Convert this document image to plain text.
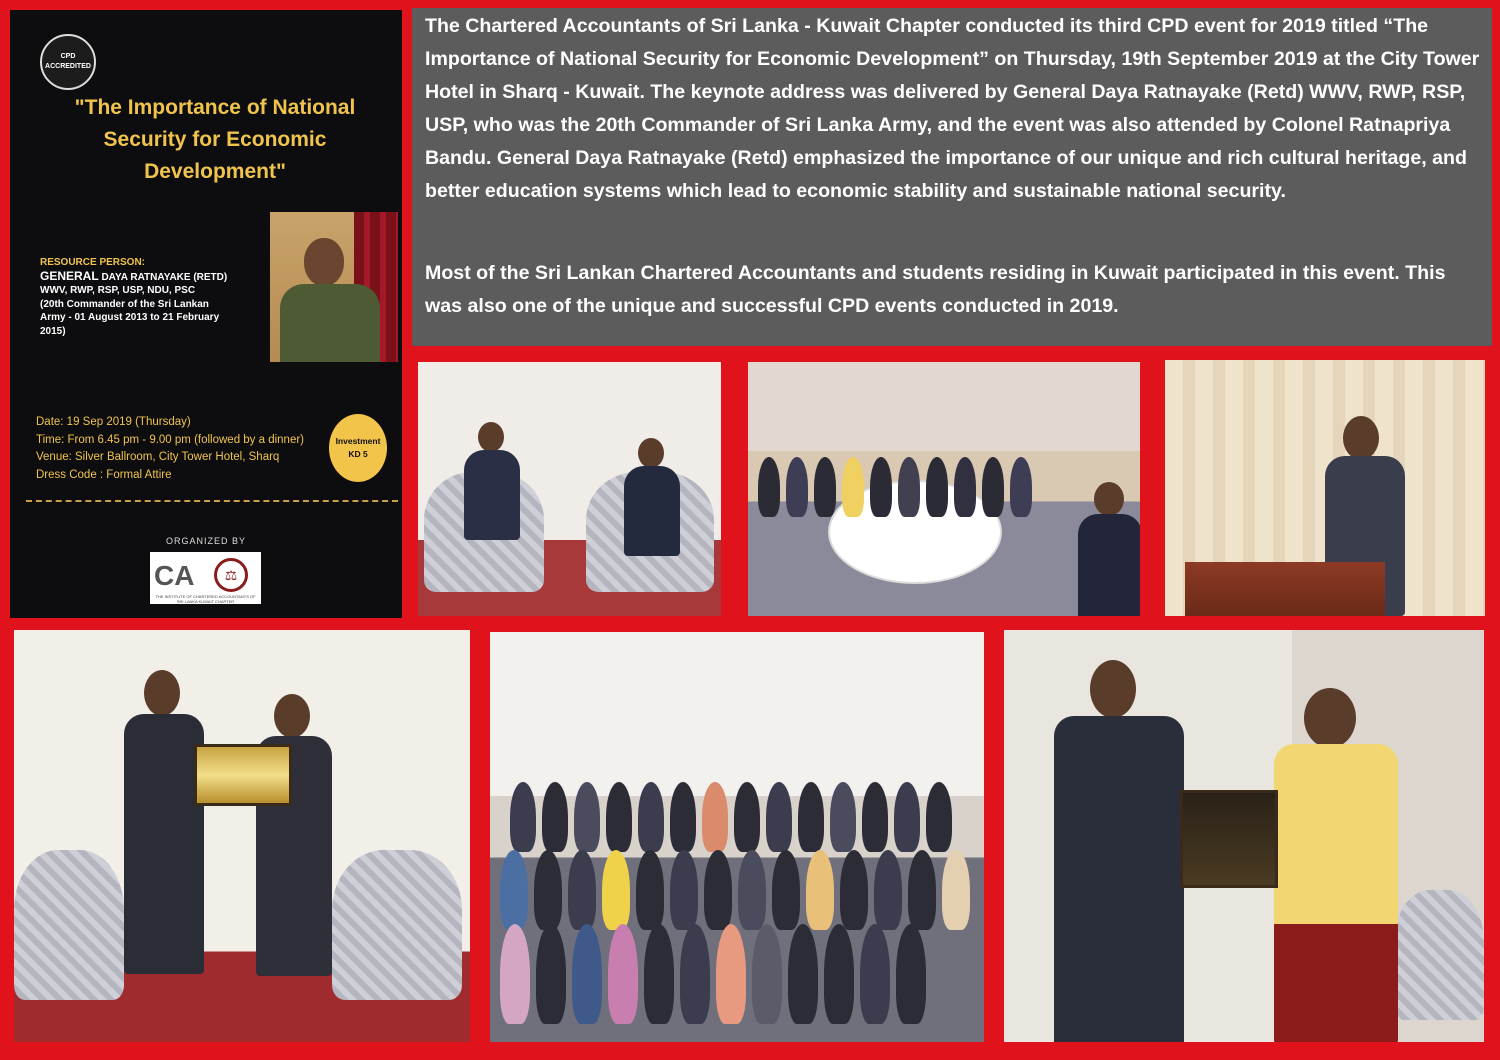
CPD
ACCREDITED
"The Importance of National
Security for Economic
Development"
RESOURCE PERSON:
GENERAL DAYA RATNAYAKE (RETD)
WWV, RWP, RSP, USP, NDU, PSC
(20th Commander of the Sri Lankan
Army - 01 August 2013 to 21 February
2015)
Date: 19 Sep 2019 (Thursday)
Time: From 6.45 pm - 9.00 pm (followed by a dinner)
Venue: Silver Ballroom, City Tower Hotel, Sharq
Dress Code : Formal Attire
Investment
KD 5
ORGANIZED BY
CA	⚖
THE INSTITUTE OF CHARTERED ACCOUNTANTS OF SRI LANKA KUWAIT CHAPTER

The Chartered Accountants of Sri Lanka - Kuwait Chapter conducted its third CPD event for 2019 titled “The Importance of National Security for Economic Development” on Thursday, 19th September 2019 at the City Tower Hotel in Sharq - Kuwait. The keynote address was delivered by General Daya Ratnayake (Retd) WWV, RWP, RSP, USP, who was the 20th Commander of Sri Lanka Army, and the event was also attended by Colonel Ratnapriya Bandu. General Daya Ratnayake (Retd) emphasized the importance of our unique and rich cultural heritage, and better education systems which lead to economic stability and sustainable national security.

Most of the Sri Lankan Chartered Accountants and students residing in Kuwait participated in this event. This was also one of the unique and successful CPD events conducted in 2019.
